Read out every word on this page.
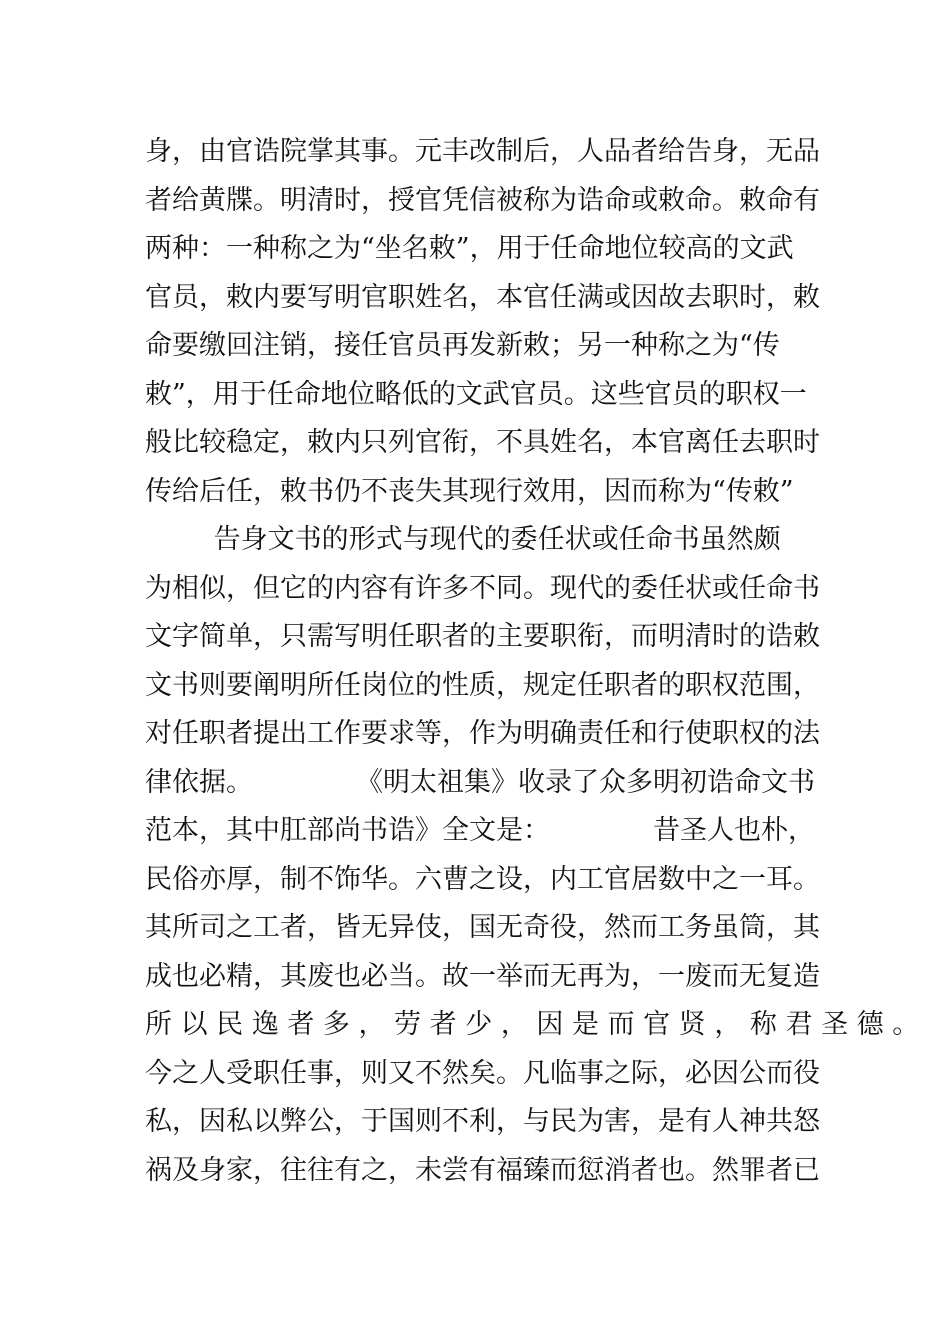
身，由官诰院掌其事。元丰改制后，人品者给告身，无品
者给黄牒。明清时，授官凭信被称为诰命或敕命。敕命有
两种：一种称之为“坐名敕”，用于任命地位较高的文武
官员，敕内要写明官职姓名，本官任满或因故去职时，敕
命要缴回注销，接任官员再发新敕；另一种称之为“传
敕”，用于任命地位略低的文武官员。这些官员的职权一
般比较稳定，敕内只列官衔，不具姓名，本官离任去职时
传给后任，敕书仍不丧失其现行效用，因而称为“传敕”
告身文书的形式与现代的委任状或任命书虽然颇
为相似，但它的内容有许多不同。现代的委任状或任命书
文字简单，只需写明任职者的主要职衔，而明清时的诰敕
文书则要阐明所任岗位的性质，规定任职者的职权范围，
对任职者提出工作要求等，作为明确责任和行使职权的法
律依据。            《明太祖集》收录了众多明初诰命文书
范本，其中肛部尚书诰》全文是：            昔圣人也朴，
民俗亦厚，制不饰华。六曹之设，内工官居数中之一耳。
其所司之工者，皆无异伎，国无奇役，然而工务虽筒，其
成也必精，其废也必当。故一举而无再为，一废而无复造
所 以 民 逸 者 多 ， 劳 者 少 ， 因 是 而 官 贤 ， 称 君 圣 德 。
今之人受职任事，则又不然矣。凡临事之际，必因公而役
私，因私以弊公，于国则不利，与民为害，是有人神共怒
祸及身家，往往有之，未尝有福臻而愆消者也。然罪者已
